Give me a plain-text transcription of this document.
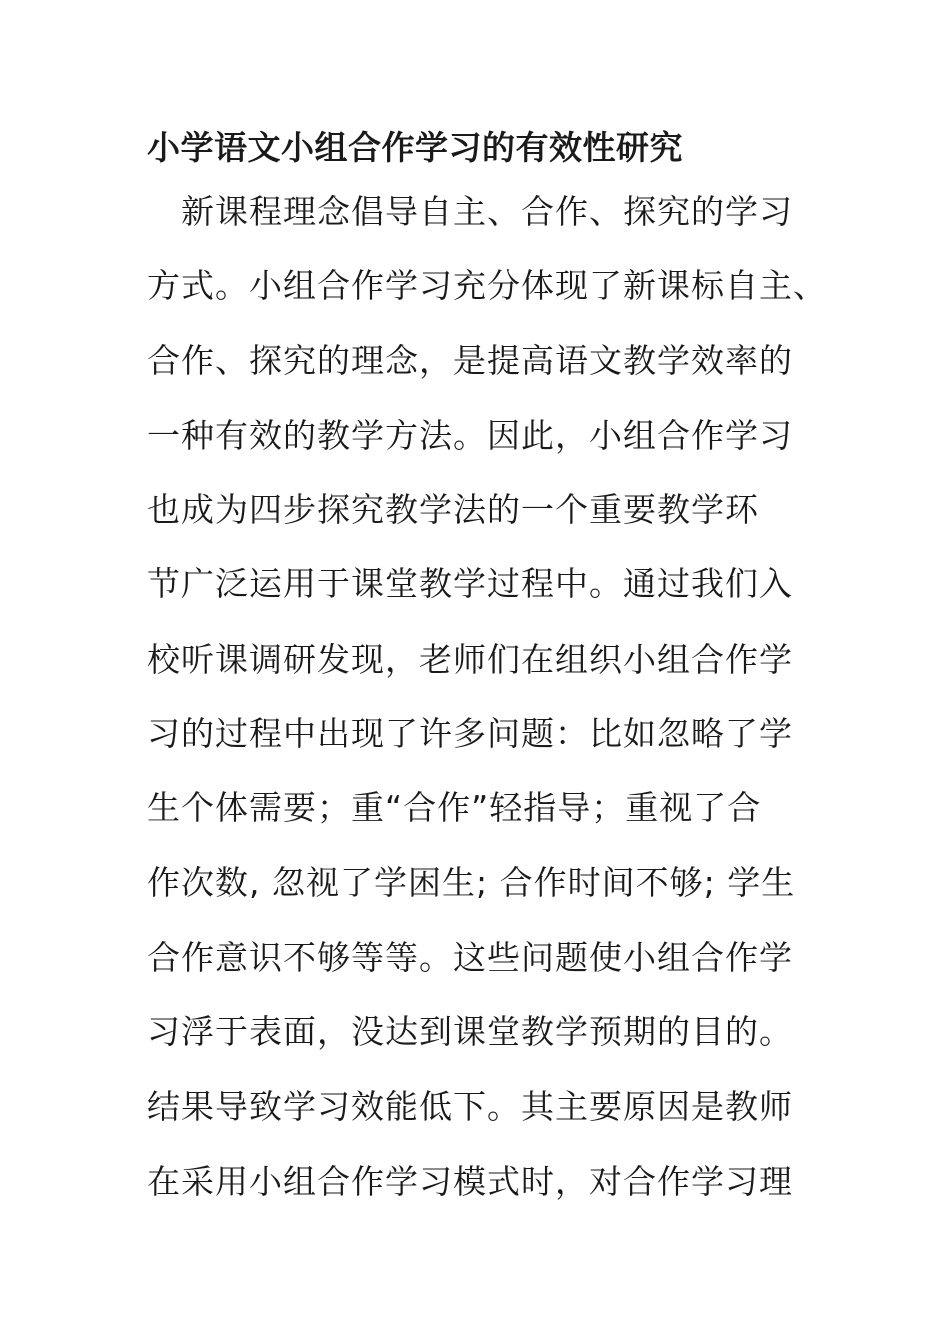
小学语文小组合作学习的有效性研究
　新课程理念倡导自主、合作、探究的学习
方式。小组合作学习充分体现了新课标自主、
合作、探究的理念，是提高语文教学效率的
一种有效的教学方法。因此，小组合作学习
也成为四步探究教学法的一个重要教学环
节广泛运用于课堂教学过程中。通过我们入
校听课调研发现，老师们在组织小组合作学
习的过程中出现了许多问题：比如忽略了学
生个体需要；重“合作”轻指导；重视了合
作次数, 忽视了学困生; 合作时间不够; 学生
合作意识不够等等。这些问题使小组合作学
习浮于表面，没达到课堂教学预期的目的。
结果导致学习效能低下。其主要原因是教师
在采用小组合作学习模式时，对合作学习理
